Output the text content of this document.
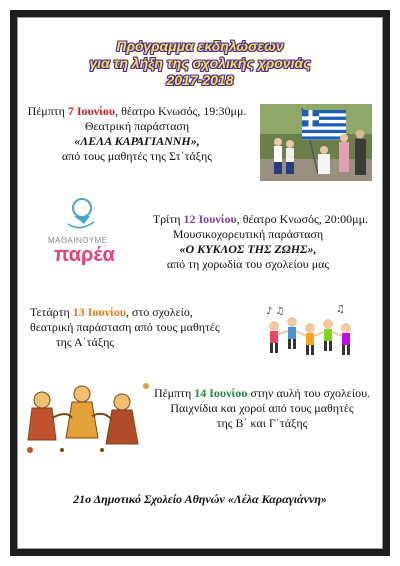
Πρόγραμμα εκδηλώσεων
για τη λήξη της σχολικής χρονιάς
2017-2018
Πέμπτη 7 Ιουνίου, θέατρο Κνωσός, 19:30μμ.
Θεατρική παράσταση
«ΛΕΛΑ ΚΑΡΑΓΙΑΝΝΗ»,
από τους μαθητές της Στ΄τάξης
ΜΑΘΑΙΝΟΥΜΕ
παρέα
Τρίτη 12 Ιουνίου, θέατρο Κνωσός, 20:00μμ.
Μουσικοχορευτική παράσταση
«Ο ΚΥΚΛΟΣ ΤΗΣ ΖΩΗΣ»,
από τη χορωδία του σχολείου μας
Τετάρτη 13 Ιουνίου, στο σχολείο,
θεατρική παράσταση από τους μαθητές
της Α΄τάξης
♪ ♫	♫
Πέμπτη 14 Ιουνίου στην αυλή του σχολείου.
Παιχνίδια και χοροί από τους μαθητές
της Β΄ και Γ΄τάξης
21ο Δημοτικό Σχολείο Αθηνών «Λέλα Καραγιάννη»
